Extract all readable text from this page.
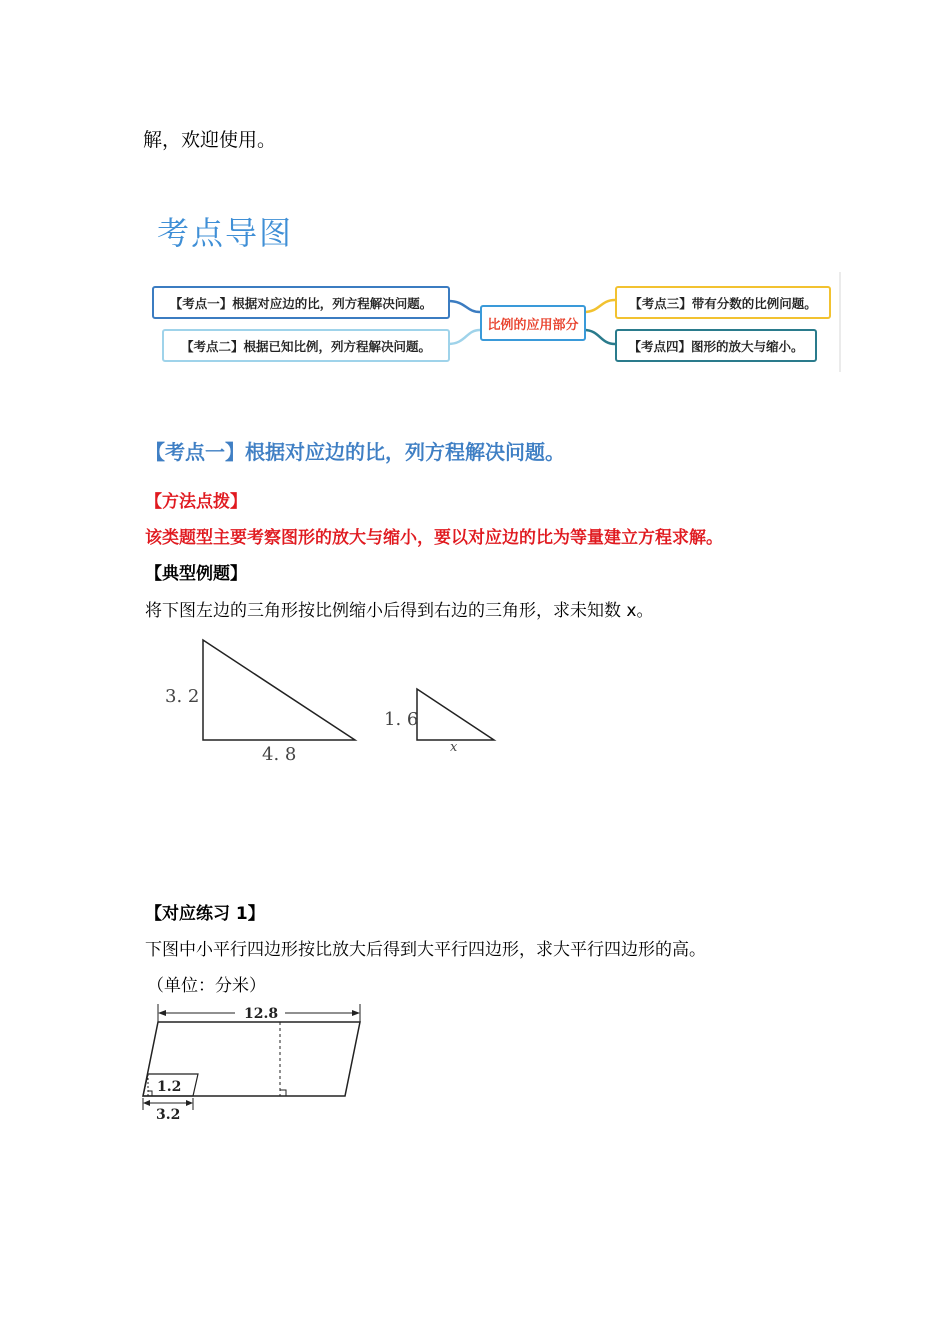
解，欢迎使用。
考点导图
【考点一】根据对应边的比，列方程解决问题。
【考点二】根据已知比例，列方程解决问题。
比例的应用部分
【考点三】带有分数的比例问题。
【考点四】图形的放大与缩小。
【考点一】根据对应边的比，列方程解决问题。
【方法点拨】
该类题型主要考察图形的放大与缩小，要以对应边的比为等量建立方程求解。
【典型例题】
将下图左边的三角形按比例缩小后得到右边的三角形，求未知数 x。
3. 2
4. 8
1. 6
x
【对应练习 1】
下图中小平行四边形按比放大后得到大平行四边形，求大平行四边形的高。
（单位：分米）
12.8
1.2
3.2
